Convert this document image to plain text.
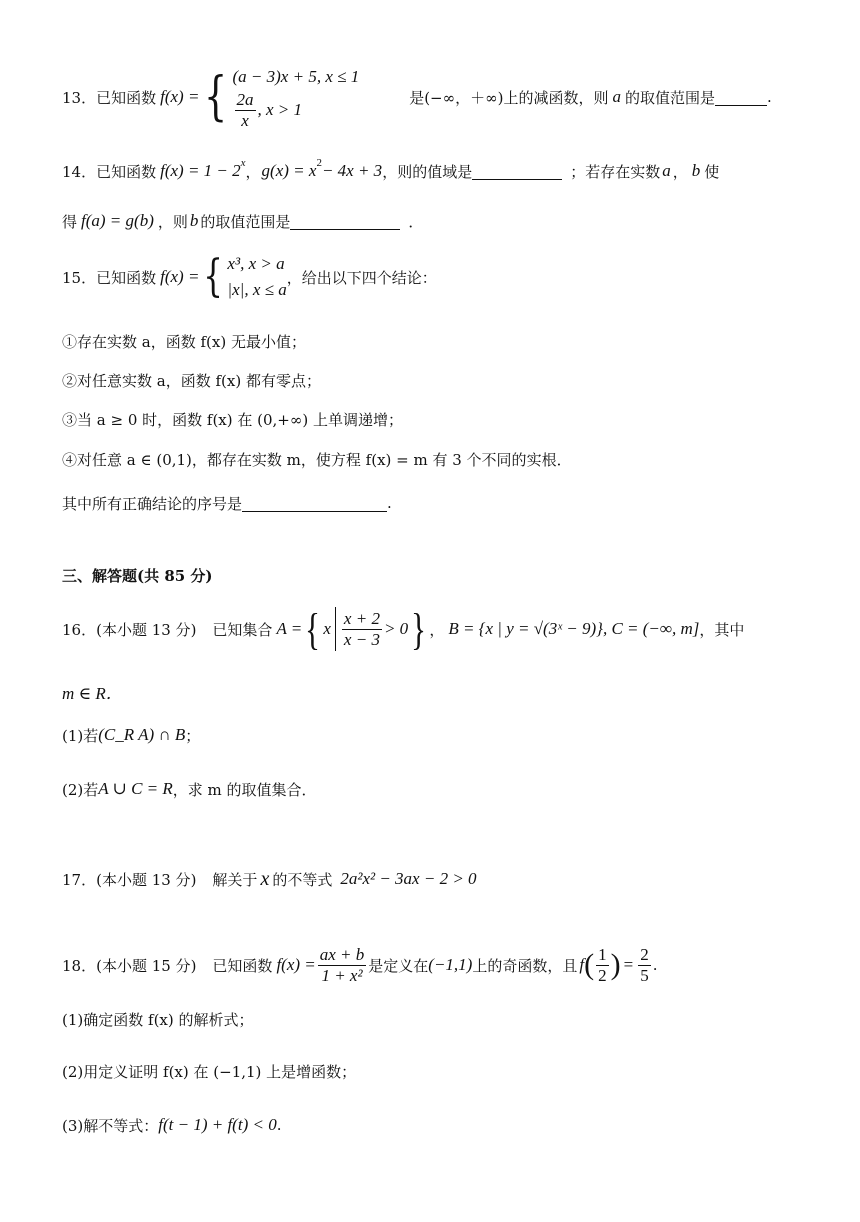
13． 已知函数 f(x) = { (a − 3)x + 5, x ≤ 1
$\frac{2a}{x}$ , x > 1
是(−∞，＋∞)上的减函数，则 a 的取值范围是	.
14． 已知函数 $f(x) = 1 - 2^x$ ， $g(x) = x^2 - 4x + 3$ ，则的值域是	；若存在实数 a ， b 使
得 f(a) = g(b) ，则 b 的取值范围是	．
15． 已知函数 f(x) = { x³, x > a
|x|, x ≤ a
，给出以下四个结论：
①存在实数 a，函数 f(x) 无最小值；
②对任意实数 a，函数 f(x) 都有零点；
③当 a ≥ 0 时，函数 f(x) 在 (0,+∞) 上单调递增；
④对任意 a ∈ (0,1)，都存在实数 m，使方程 f(x) = m 有 3 个不同的实根．
其中所有正确结论的序号是	.
三、解答题(共 85 分)
16．(本小题 13 分) 已知集合 A = { x $\frac{x + 2}{x - 3} > 0$ } ， B = {x | y = √(3ˣ − 9)} , C = (−∞, m] ，其中
m ∈ R．
(1)若 (C_R A) ∩ B ；
(2)若 A ∪ C = R ，求 m 的取值集合．
17．(本小题 13 分) 解关于 x 的不等式 2a²x² − 3ax − 2 > 0
18．(本小题 15 分) 已知函数 $f(x) = \frac{ax + b}{\text{1 + x²}}$ 是定义在 (−1,1) 上的奇函数，且 f ( $\frac{1}{2}$ ) = $\frac{2}{5}$ .
(1)确定函数 f(x) 的解析式；
(2)用定义证明 f(x) 在 (−1,1) 上是增函数；
(3)解不等式： f(t − 1) + f(t) < 0 .
